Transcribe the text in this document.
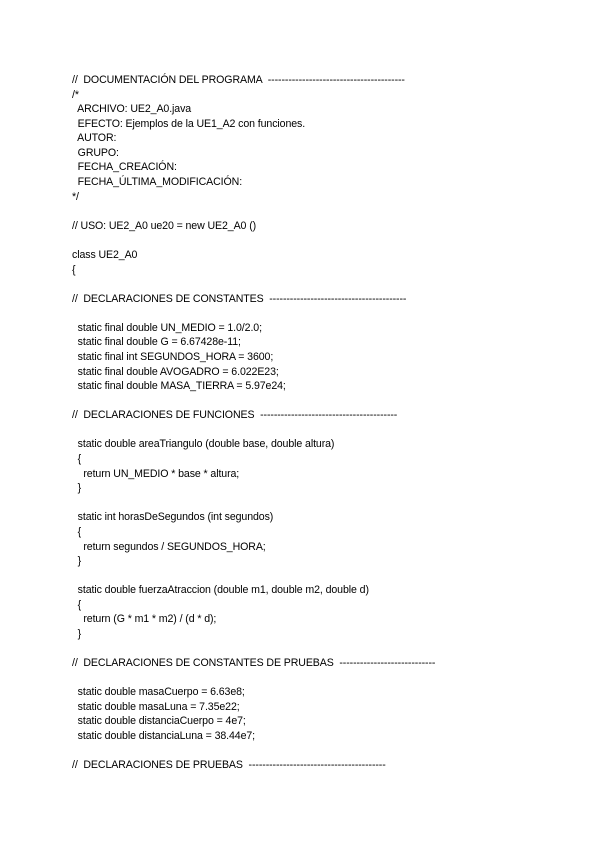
//  DOCUMENTACIÓN DEL PROGRAMA  ----------------------------------------
/*
ARCHIVO: UE2_A0.java
EFECTO: Ejemplos de la UE1_A2 con funciones.
AUTOR:
GRUPO:
FECHA_CREACIÓN:
FECHA_ÚLTIMA_MODIFICACIÓN:
*/
// USO: UE2_A0 ue20 = new UE2_A0 ()
class UE2_A0
{
//  DECLARACIONES DE CONSTANTES  ----------------------------------------
static final double UN_MEDIO = 1.0/2.0;
static final double G = 6.67428e-11;
static final int SEGUNDOS_HORA = 3600;
static final double AVOGADRO = 6.022E23;
static final double MASA_TIERRA = 5.97e24;
//  DECLARACIONES DE FUNCIONES  ----------------------------------------
static double areaTriangulo (double base, double altura)
{
return UN_MEDIO * base * altura;
}
static int horasDeSegundos (int segundos)
{
return segundos / SEGUNDOS_HORA;
}
static double fuerzaAtraccion (double m1, double m2, double d)
{
return (G * m1 * m2) / (d * d);
}
//  DECLARACIONES DE CONSTANTES DE PRUEBAS  ----------------------------
static double masaCuerpo = 6.63e8;
static double masaLuna = 7.35e22;
static double distanciaCuerpo = 4e7;
static double distanciaLuna = 38.44e7;
//  DECLARACIONES DE PRUEBAS  ----------------------------------------
